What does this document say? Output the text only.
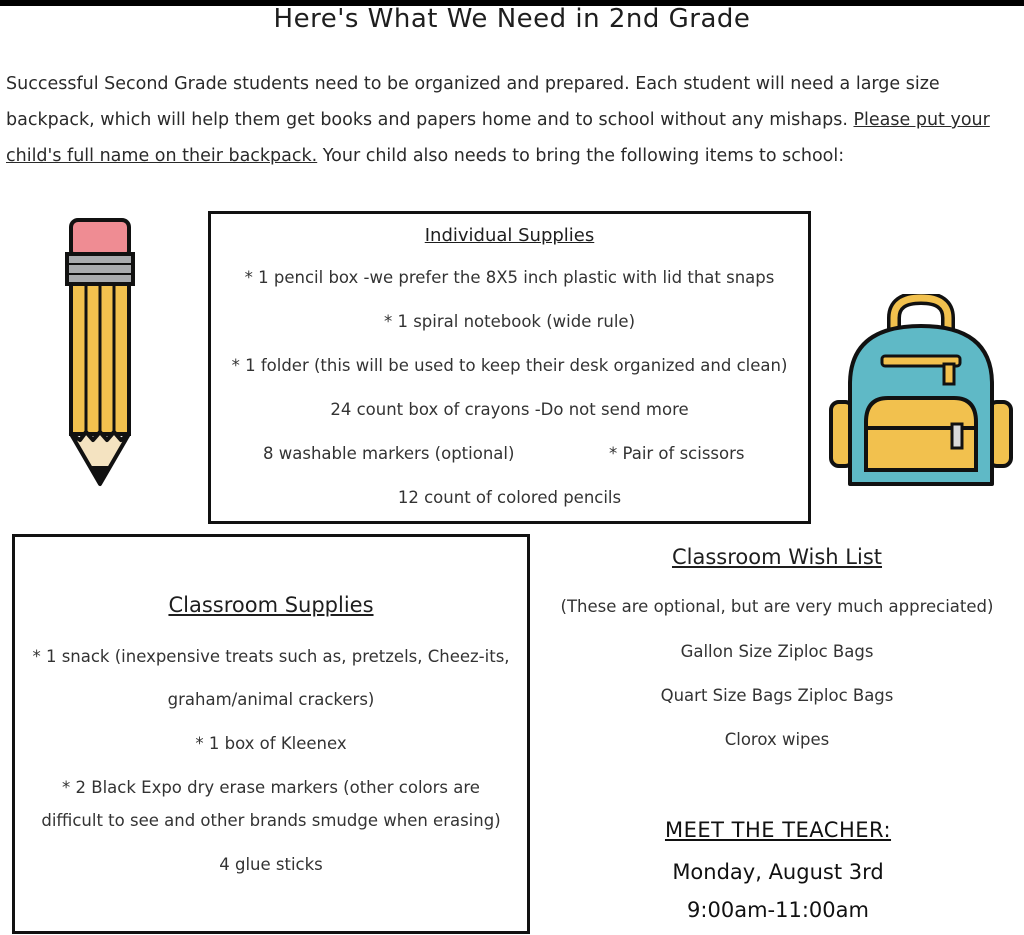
Here's What We Need in 2nd Grade
Successful Second Grade students need to be organized and prepared. Each student will need a large size backpack, which will help them get books and papers home and to school without any mishaps. Please put your child's full name on their backpack. Your child also needs to bring the following items to school:
Individual Supplies
* 1 pencil box -we prefer the 8X5 inch plastic with lid that snaps
* 1 spiral notebook (wide rule)
* 1 folder (this will be used to keep their desk organized and clean)
24 count box of crayons -Do not send more
8 washable markers (optional)	* Pair of scissors
12 count of colored pencils
Classroom Supplies
* 1 snack (inexpensive treats such as, pretzels, Cheez-its,
graham/animal crackers)
* 1 box of Kleenex
* 2 Black Expo dry erase markers (other colors are
difficult to see and other brands smudge when erasing)
4 glue sticks
Classroom Wish List
(These are optional, but are very much appreciated)
Gallon Size Ziploc Bags
Quart Size Bags Ziploc Bags
Clorox wipes
MEET THE TEACHER:
Monday, August 3rd
9:00am-11:00am
